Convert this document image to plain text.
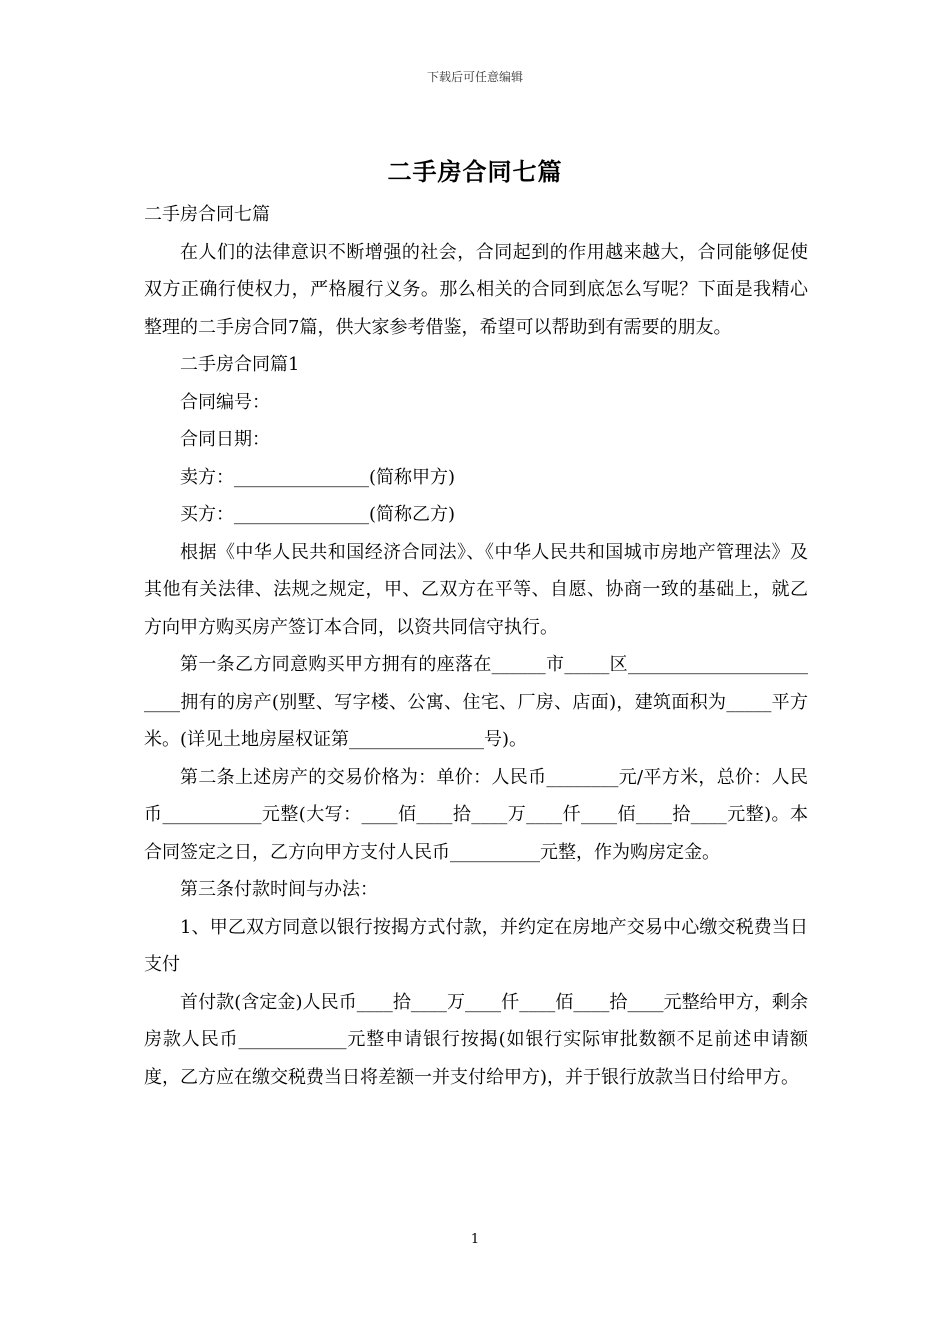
下载后可任意编辑
二手房合同七篇

二手房合同七篇

在人们的法律意识不断增强的社会，合同起到的作用越来越大，合同能够促使双方正确行使权力，严格履行义务。那么相关的合同到底怎么写呢？下面是我精心整理的二手房合同7篇，供大家参考借鉴，希望可以帮助到有需要的朋友。

二手房合同篇1

合同编号：

合同日期：

卖方：_______________(简称甲方)

买方：_______________(简称乙方)

根据《中华人民共和国经济合同法》、《中华人民共和国城市房地产管理法》及其他有关法律、法规之规定，甲、乙双方在平等、自愿、协商一致的基础上，就乙方向甲方购买房产签订本合同，以资共同信守执行。

第一条乙方同意购买甲方拥有的座落在______市_____区________________________拥有的房产(别墅、写字楼、公寓、住宅、厂房、店面)，建筑面积为_____平方米。(详见土地房屋权证第_______________号)。

第二条上述房产的交易价格为：单价：人民币________元/平方米，总价：人民币___________元整(大写：____佰____拾____万____仟____佰____拾____元整)。本合同签定之日，乙方向甲方支付人民币__________元整，作为购房定金。

第三条付款时间与办法：

1、甲乙双方同意以银行按揭方式付款，并约定在房地产交易中心缴交税费当日支付

首付款(含定金)人民币____拾____万____仟____佰____拾____元整给甲方，剩余房款人民币____________元整申请银行按揭(如银行实际审批数额不足前述申请额度，乙方应在缴交税费当日将差额一并支付给甲方)，并于银行放款当日付给甲方。

1
